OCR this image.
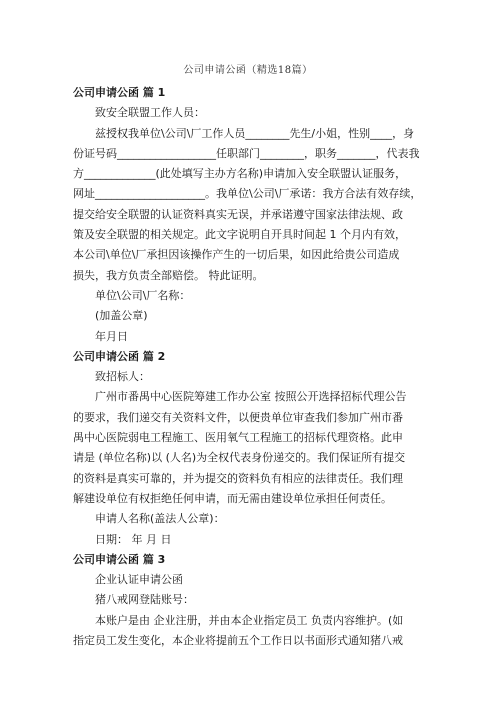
公司申请公函（精选18篇）
公司申请公函 篇 1
致安全联盟工作人员：
兹授权我单位\公司\厂工作人员________先生/小姐，性别____，身
份证号码__________________任职部门________，职务_______，代表我
方_____________(此处填写主办方名称)申请加入安全联盟认证服务，
网址____________________。我单位\公司\厂承诺：我方合法有效存续，
提交给安全联盟的认证资料真实无误，并承诺遵守国家法律法规、政
策及安全联盟的相关规定。此文字说明自开具时间起 1 个月内有效，
本公司\单位\厂承担因该操作产生的一切后果，如因此给贵公司造成
损失，我方负责全部赔偿。 特此证明。
单位\公司\厂名称：
(加盖公章)
年月日
公司申请公函 篇 2
致招标人：
广州市番禺中心医院筹建工作办公室 按照公开选择招标代理公告
的要求，我们递交有关资料文件，以便贵单位审查我们参加广州市番
禺中心医院弱电工程施工、医用氧气工程施工的招标代理资格。此申
请是 (单位名称)以 (人名)为全权代表身份递交的。我们保证所有提交
的资料是真实可靠的，并为提交的资料负有相应的法律责任。我们理
解建设单位有权拒绝任何申请，而无需由建设单位承担任何责任。
申请人名称(盖法人公章)：
日期： 年 月 日
公司申请公函 篇 3
企业认证申请公函
猪八戒网登陆账号：
本账户是由 企业注册，并由本企业指定员工 负责内容维护。(如
指定员工发生变化，本企业将提前五个工作日以书面形式通知猪八戒
